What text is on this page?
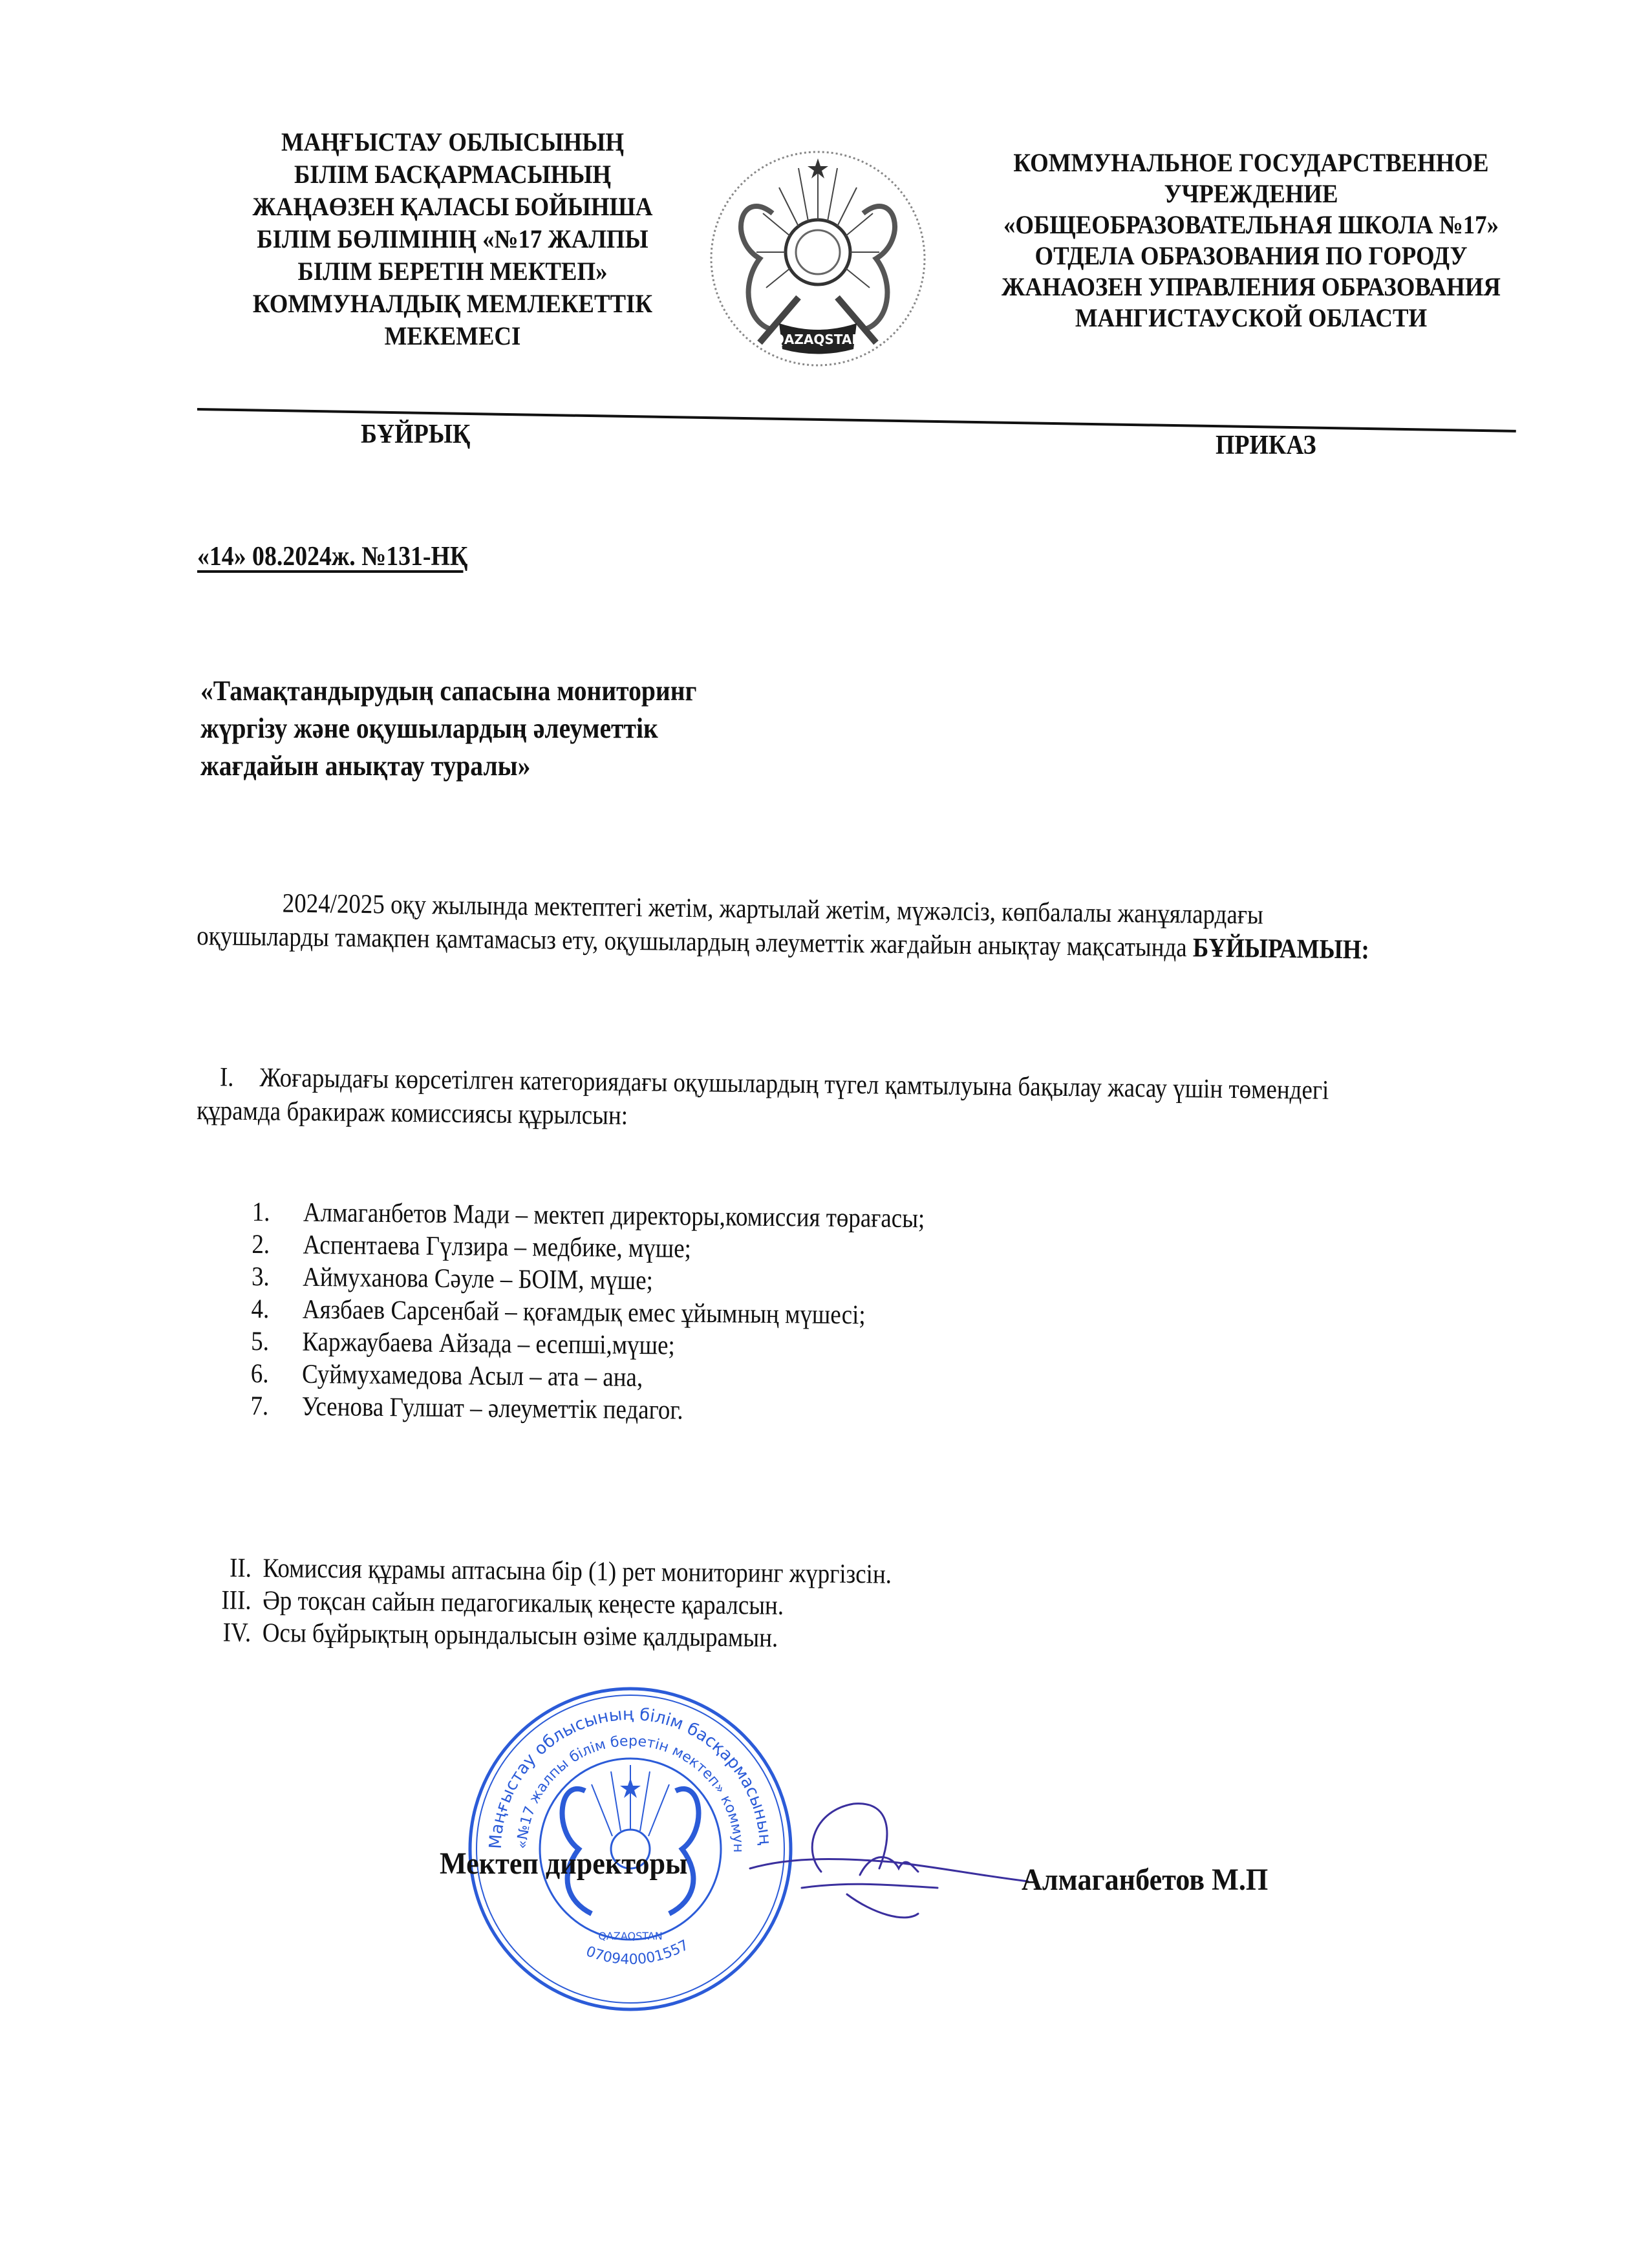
МАҢҒЫСТАУ ОБЛЫСЫНЫҢ
БІЛІМ БАСҚАРМАСЫНЫҢ
ЖАҢАӨЗЕН ҚАЛАСЫ БОЙЫНША
БІЛІМ БӨЛІМІНІҢ «№17 ЖАЛПЫ
БІЛІМ БЕРЕТІН МЕКТЕП»
КОММУНАЛДЫҚ МЕМЛЕКЕТТІК
МЕКЕМЕСІ	QAZAQSTAN
КОММУНАЛЬНОЕ ГОСУДАРСТВЕННОЕ
УЧРЕЖДЕНИЕ
«ОБЩЕОБРАЗОВАТЕЛЬНАЯ ШКОЛА №17»
ОТДЕЛА ОБРАЗОВАНИЯ ПО ГОРОДУ
ЖАНАОЗЕН УПРАВЛЕНИЯ ОБРАЗОВАНИЯ
МАНГИСТАУСКОЙ ОБЛАСТИ
БҰЙРЫҚ	ПРИКАЗ
«14» 08.2024ж. №131-НҚ
«Тамақтандырудың сапасына мониторинг
жүргізу және оқушылардың әлеуметтік
жағдайын анықтау туралы»
2024/2025 оқу жылында мектептегі жетім, жартылай жетім, мүжәлсіз, көпбалалы жанұялардағы оқушыларды тамақпен қамтамасыз ету, оқушылардың әлеуметтік жағдайын анықтау мақсатында БҰЙЫРАМЫН:
I. Жоғарыдағы көрсетілген категориядағы оқушылардың түгел қамтылуына бақылау жасау үшін төмендегі құрамда бракираж комиссиясы құрылсын:
1.	Алмаганбетов Мади – мектеп директоры,комиссия төрағасы;
2.	Аспентаева Гүлзира – медбике, мүше;
3.	Аймуханова Сәуле – БОІМ, мүше;
4.	Аязбаев Сарсенбай – қоғамдық емес ұйымның мүшесі;
5.	Каржаубаева Айзада – есепші,мүше;
6.	Суймухамедова Асыл – ата – ана,
7.	Усенова Гулшат – әлеуметтік педагог.
II. Комиссия құрамы аптасына бір (1) рет мониторинг жүргізсін.
III. Әр тоқсан сайын педагогикалық кеңесте қаралсын.
IV. Осы бұйрықтың орындалысын өзіме қалдырамын.
Маңғыстау облысының білім басқармасының
«№17 жалпы білім беретін мектеп» коммун
070940001557
QAZAQSTAN
Мектеп директоры	Алмаганбетов М.П
